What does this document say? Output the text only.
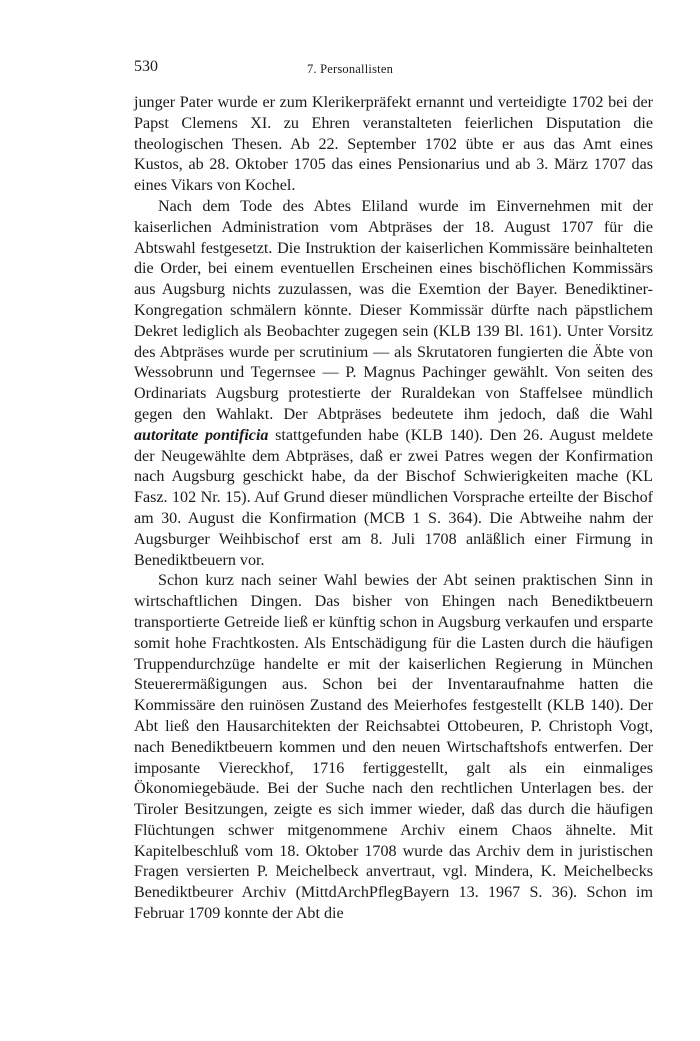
530	7. Personallisten

junger Pater wurde er zum Klerikerpräfekt ernannt und verteidigte 1702 bei der Papst Clemens XI. zu Ehren veranstalteten feierlichen Disputation die theologischen Thesen. Ab 22. September 1702 übte er aus das Amt eines Kustos, ab 28. Oktober 1705 das eines Pensionarius und ab 3. März 1707 das eines Vikars von Kochel.

Nach dem Tode des Abtes Eliland wurde im Einvernehmen mit der kaiserlichen Administration vom Abtpräses der 18. August 1707 für die Abtswahl festgesetzt. Die Instruktion der kaiserlichen Kommissäre beinhalteten die Order, bei einem eventuellen Erscheinen eines bischöflichen Kommissärs aus Augsburg nichts zuzulassen, was die Exemtion der Bayer. Benediktiner-Kongregation schmälern könnte. Dieser Kommissär dürfte nach päpstlichem Dekret lediglich als Beobachter zugegen sein (KLB 139 Bl. 161). Unter Vorsitz des Abtpräses wurde per scrutinium — als Skrutatoren fungierten die Äbte von Wessobrunn und Tegernsee — P. Magnus Pachinger gewählt. Von seiten des Ordinariats Augsburg protestierte der Ruraldekan von Staffelsee mündlich gegen den Wahlakt. Der Abtpräses bedeutete ihm jedoch, daß die Wahl autoritate pontificia stattgefunden habe (KLB 140). Den 26. August meldete der Neugewählte dem Abtpräses, daß er zwei Patres wegen der Konfirmation nach Augsburg geschickt habe, da der Bischof Schwierigkeiten mache (KL Fasz. 102 Nr. 15). Auf Grund dieser mündlichen Vorsprache erteilte der Bischof am 30. August die Konfirmation (MCB 1 S. 364). Die Abtweihe nahm der Augsburger Weihbischof erst am 8. Juli 1708 anläßlich einer Firmung in Benediktbeuern vor.

Schon kurz nach seiner Wahl bewies der Abt seinen praktischen Sinn in wirtschaftlichen Dingen. Das bisher von Ehingen nach Benediktbeuern transportierte Getreide ließ er künftig schon in Augsburg verkaufen und ersparte somit hohe Frachtkosten. Als Entschädigung für die Lasten durch die häufigen Truppendurchzüge handelte er mit der kaiserlichen Regierung in München Steuerermäßigungen aus. Schon bei der Inventaraufnahme hatten die Kommissäre den ruinösen Zustand des Meierhofes festgestellt (KLB 140). Der Abt ließ den Hausarchitekten der Reichsabtei Ottobeuren, P. Christoph Vogt, nach Benediktbeuern kommen und den neuen Wirtschaftshofs entwerfen. Der imposante Viereckhof, 1716 fertiggestellt, galt als ein einmaliges Ökonomiegebäude. Bei der Suche nach den rechtlichen Unterlagen bes. der Tiroler Besitzungen, zeigte es sich immer wieder, daß das durch die häufigen Flüchtungen schwer mitgenommene Archiv einem Chaos ähnelte. Mit Kapitelbeschluß vom 18. Oktober 1708 wurde das Archiv dem in juristischen Fragen versierten P. Meichelbeck anvertraut, vgl. Mindera, K. Meichelbecks Benediktbeurer Archiv (MittdArchPflegBayern 13. 1967 S. 36). Schon im Februar 1709 konnte der Abt die
